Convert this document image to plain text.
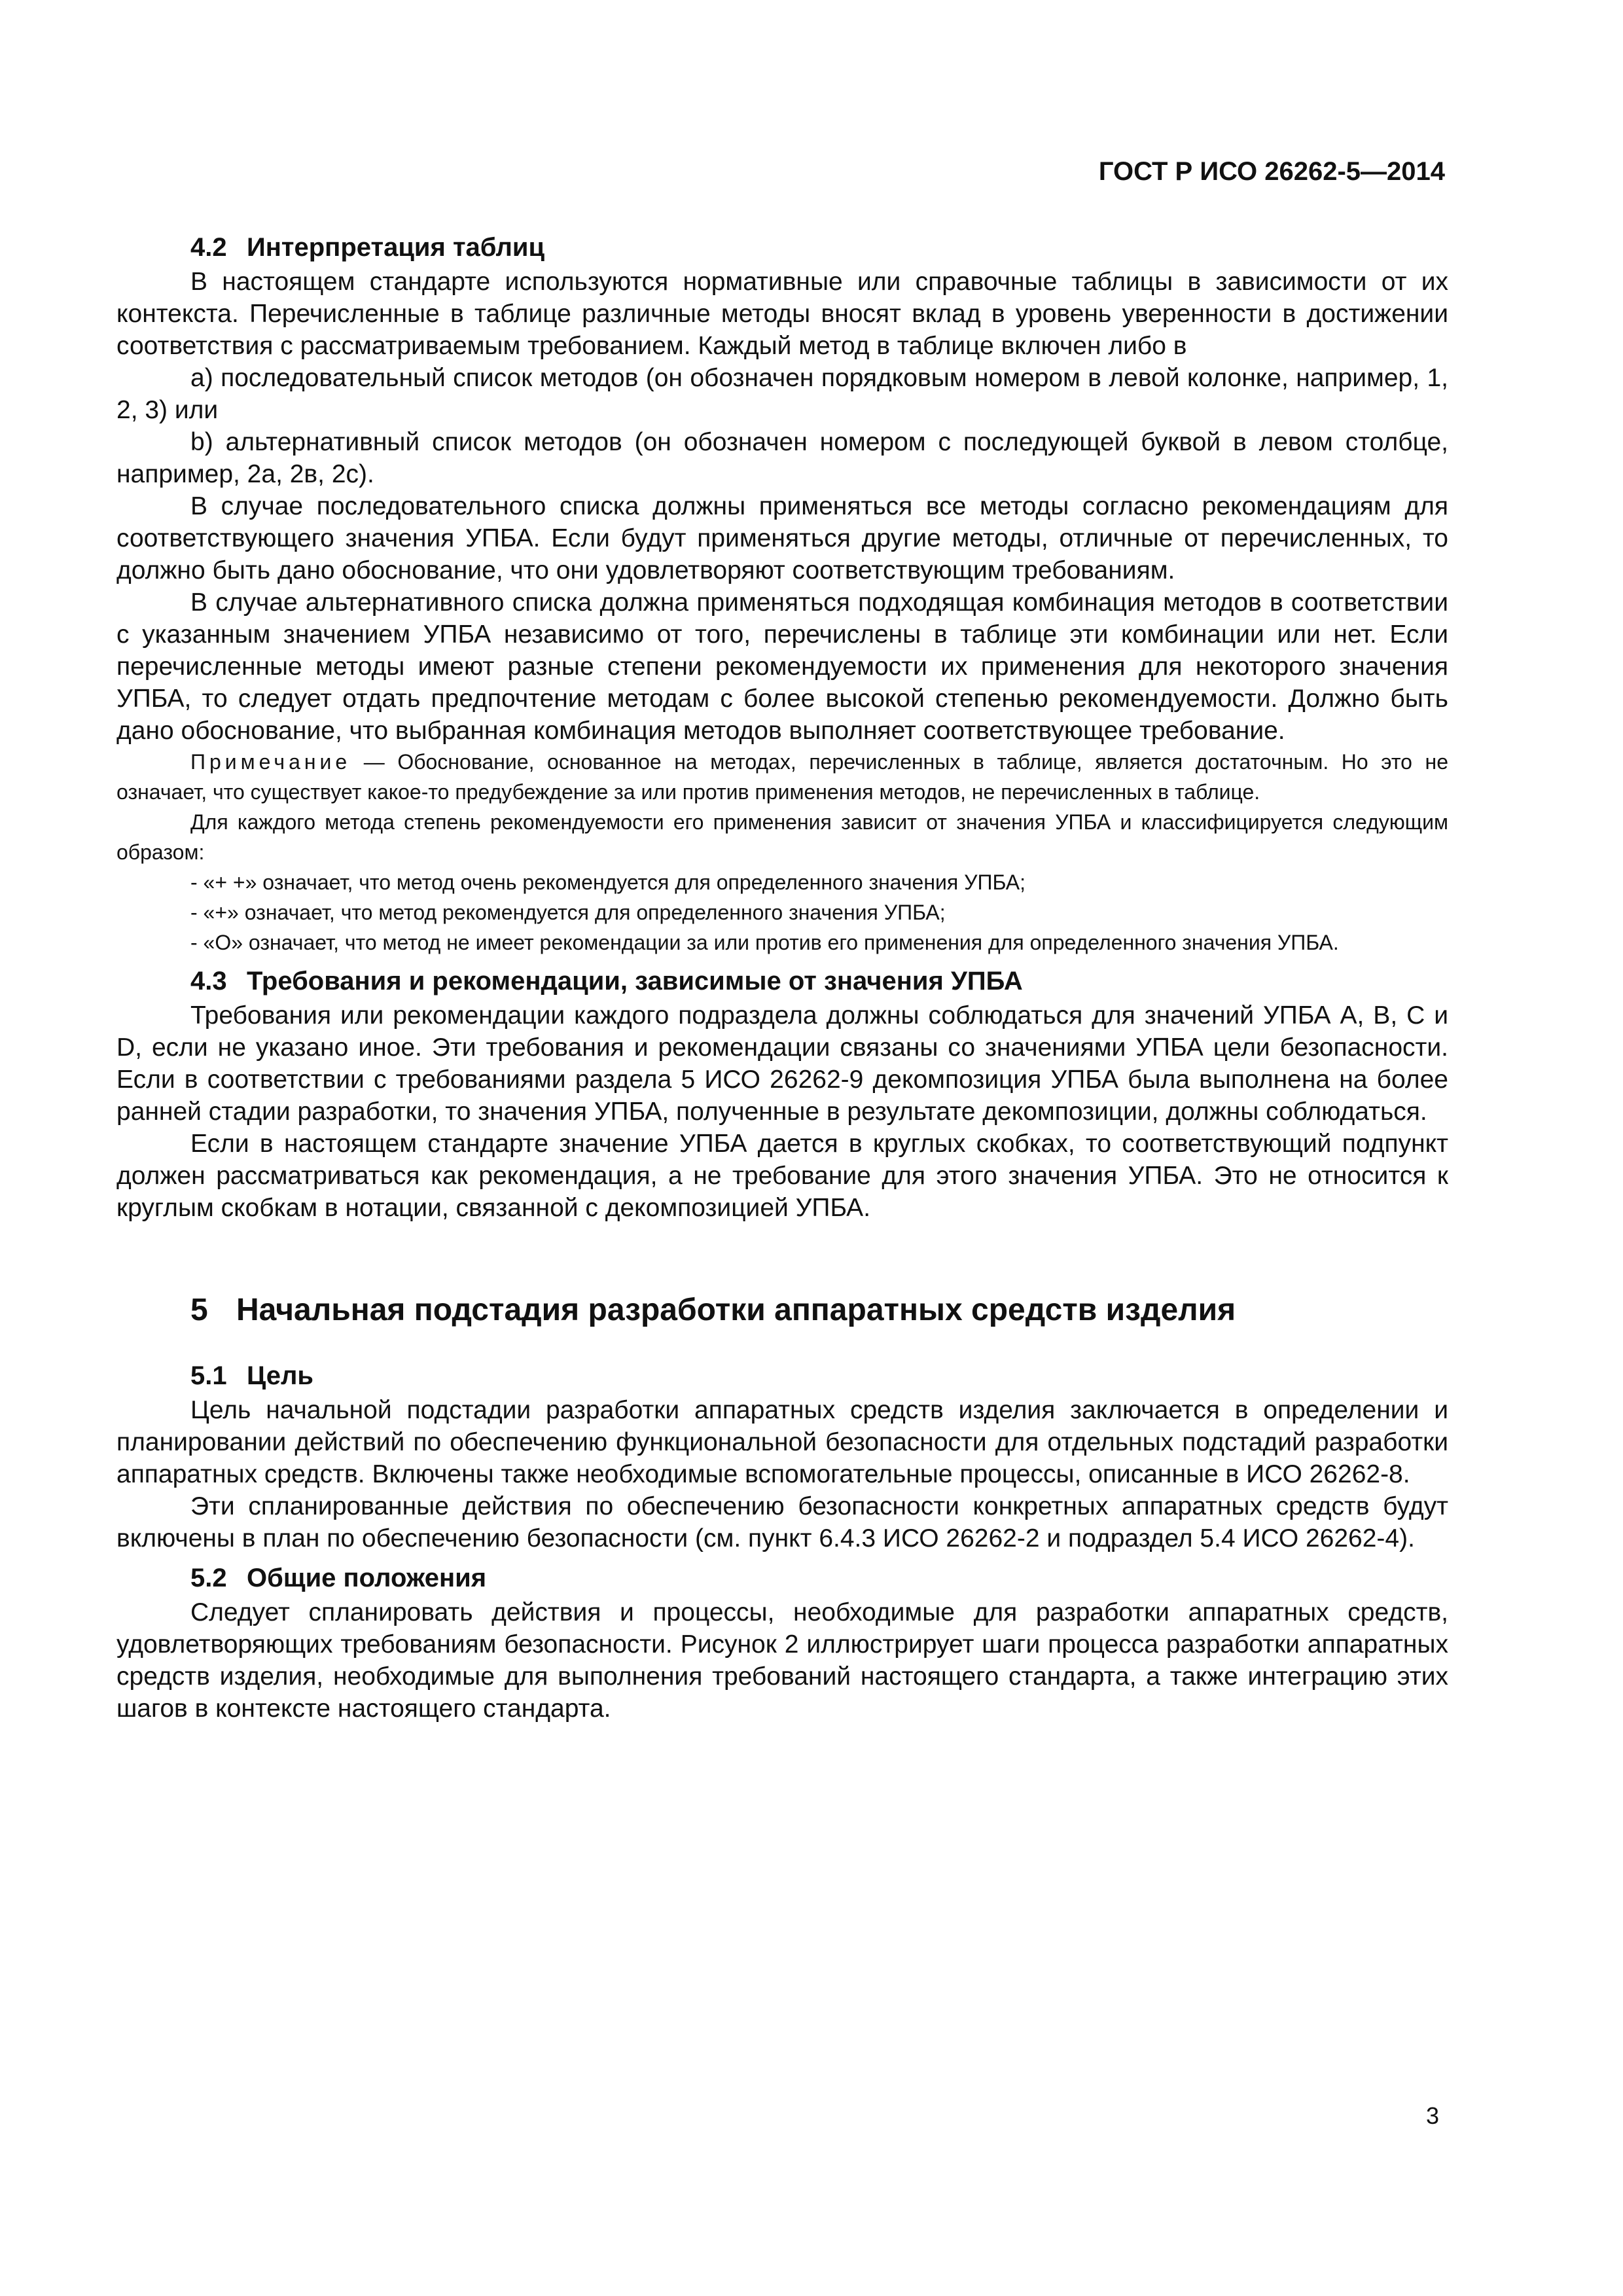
ГОСТ Р ИСО 26262-5—2014

4.2 Интерпретация таблиц

В настоящем стандарте используются нормативные или справочные таблицы в зависимости от их контекста. Перечисленные в таблице различные методы вносят вклад в уровень уверенности в достижении соответствия с рассматриваемым требованием. Каждый метод в таблице включен либо в

а) последовательный список методов (он обозначен порядковым номером в левой колонке, например, 1, 2, 3) или

b) альтернативный список методов (он обозначен номером с последующей буквой в левом столбце, например, 2а, 2в, 2с).

В случае последовательного списка должны применяться все методы согласно рекомендациям для соответствующего значения УПБА. Если будут применяться другие методы, отличные от перечисленных, то должно быть дано обоснование, что они удовлетворяют соответствующим требованиям.

В случае альтернативного списка должна применяться подходящая комбинация методов в соответствии с указанным значением УПБА независимо от того, перечислены в таблице эти комбинации или нет. Если перечисленные методы имеют разные степени рекомендуемости их применения для некоторого значения УПБА, то следует отдать предпочтение методам с более высокой степенью рекомендуемости. Должно быть дано обоснование, что выбранная комбинация методов выполняет соответствующее требование.

Примечание — Обоснование, основанное на методах, перечисленных в таблице, является достаточным. Но это не означает, что существует какое-то предубеждение за или против применения методов, не перечисленных в таблице.

Для каждого метода степень рекомендуемости его применения зависит от значения УПБА и классифицируется следующим образом:

- «+ +» означает, что метод очень рекомендуется для определенного значения УПБА;

- «+» означает, что метод рекомендуется для определенного значения УПБА;

- «O» означает, что метод не имеет рекомендации за или против его применения для определенного значения УПБА.

4.3 Требования и рекомендации, зависимые от значения УПБА

Требования или рекомендации каждого подраздела должны соблюдаться для значений УПБА А, В, С и D, если не указано иное. Эти требования и рекомендации связаны со значениями УПБА цели безопасности. Если в соответствии с требованиями раздела 5 ИСО 26262-9 декомпозиция УПБА была выполнена на более ранней стадии разработки, то значения УПБА, полученные в результате декомпозиции, должны соблюдаться.

Если в настоящем стандарте значение УПБА дается в круглых скобках, то соответствующий подпункт должен рассматриваться как рекомендация, а не требование для этого значения УПБА. Это не относится к круглым скобкам в нотации, связанной с декомпозицией УПБА.

5 Начальная подстадия разработки аппаратных средств изделия

5.1 Цель

Цель начальной подстадии разработки аппаратных средств изделия заключается в определении и планировании действий по обеспечению функциональной безопасности для отдельных подстадий разработки аппаратных средств. Включены также необходимые вспомогательные процессы, описанные в ИСО 26262-8.

Эти спланированные действия по обеспечению безопасности конкретных аппаратных средств будут включены в план по обеспечению безопасности (см. пункт 6.4.3 ИСО 26262-2 и подраздел 5.4 ИСО 26262-4).

5.2 Общие положения

Следует спланировать действия и процессы, необходимые для разработки аппаратных средств, удовлетворяющих требованиям безопасности. Рисунок 2 иллюстрирует шаги процесса разработки аппаратных средств изделия, необходимые для выполнения требований настоящего стандарта, а также интеграцию этих шагов в контексте настоящего стандарта.

3
